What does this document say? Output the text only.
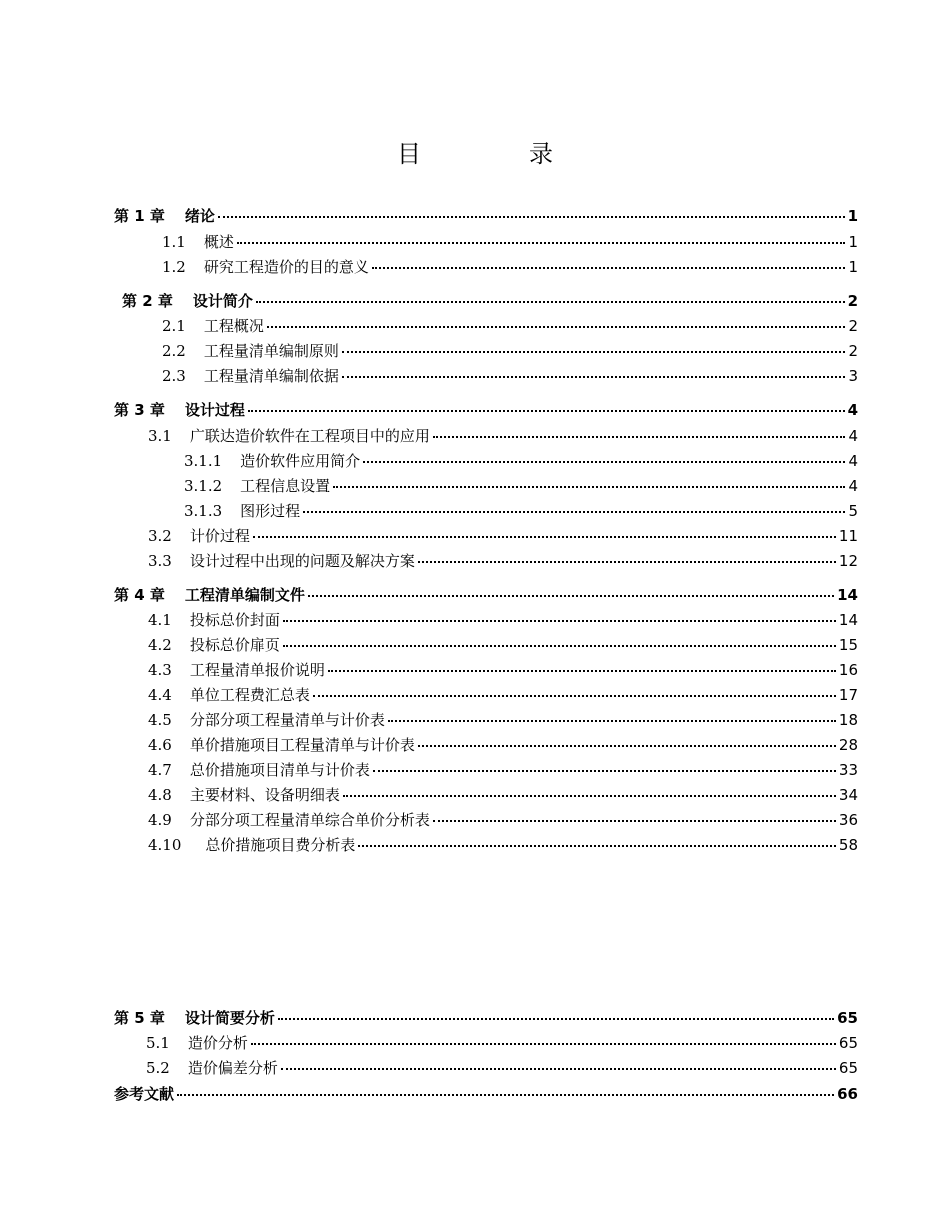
目　录
第 1 章 绪论	1
1.1 概述	1
1.2 研究工程造价的目的意义	1
第 2 章 设计简介	2
2.1 工程概况	2
2.2 工程量清单编制原则	2
2.3 工程量清单编制依据	3
第 3 章 设计过程	4
3.1 广联达造价软件在工程项目中的应用	4
3.1.1 造价软件应用简介	4
3.1.2 工程信息设置	4
3.1.3 图形过程	5
3.2 计价过程	11
3.3 设计过程中出现的问题及解决方案	12
第 4 章 工程清单编制文件	14
4.1 投标总价封面	14
4.2 投标总价扉页	15
4.3 工程量清单报价说明	16
4.4 单位工程费汇总表	17
4.5 分部分项工程量清单与计价表	18
4.6 单价措施项目工程量清单与计价表	28
4.7 总价措施项目清单与计价表	33
4.8 主要材料、设备明细表	34
4.9 分部分项工程量清单综合单价分析表	36
4.10 总价措施项目费分析表	58
第 5 章 设计简要分析	65
5.1 造价分析	65
5.2 造价偏差分析	65
参考文献	66
